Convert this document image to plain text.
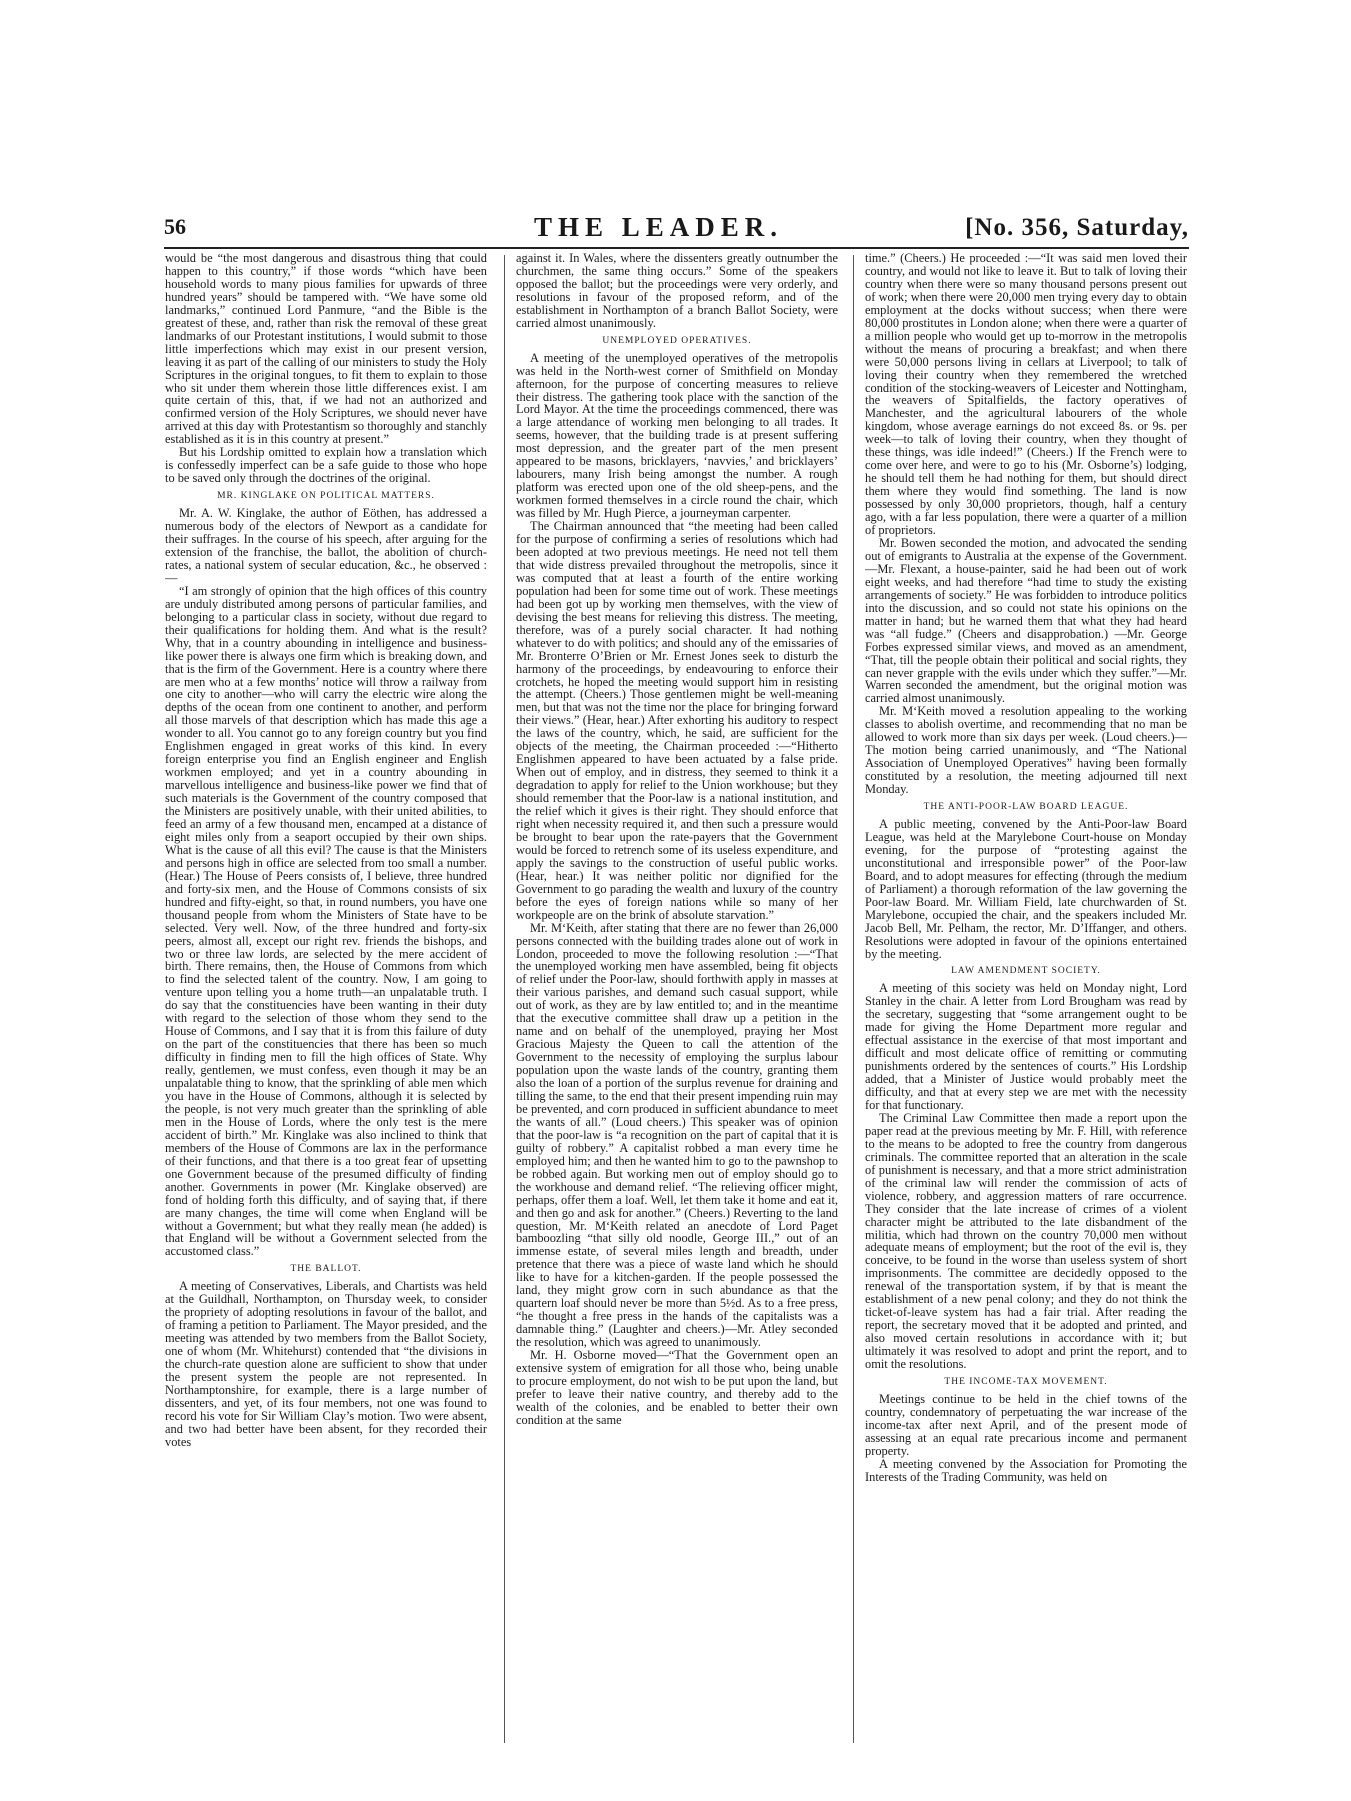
56	THE LEADER.	[No. 356, Saturday,

would be “the most dangerous and disastrous thing that could happen to this country,” if those words “which have been household words to many pious families for upwards of three hundred years” should be tampered with. “We have some old landmarks,” continued Lord Panmure, “and the Bible is the greatest of these, and, rather than risk the removal of these great landmarks of our Protestant institutions, I would submit to those little imperfections which may exist in our present version, leaving it as part of the calling of our ministers to study the Holy Scriptures in the original tongues, to fit them to explain to those who sit under them wherein those little differences exist. I am quite certain of this, that, if we had not an authorized and confirmed version of the Holy Scriptures, we should never have arrived at this day with Protestantism so thoroughly and stanchly established as it is in this country at present.”

But his Lordship omitted to explain how a translation which is confessedly imperfect can be a safe guide to those who hope to be saved only through the doctrines of the original.

MR. KINGLAKE ON POLITICAL MATTERS.

Mr. A. W. Kinglake, the author of Eöthen, has addressed a numerous body of the electors of Newport as a candidate for their suffrages. In the course of his speech, after arguing for the extension of the franchise, the ballot, the abolition of church-rates, a national system of secular education, &c., he observed :—

“I am strongly of opinion that the high offices of this country are unduly distributed among persons of particular families, and belonging to a particular class in society, without due regard to their qualifications for holding them. And what is the result? Why, that in a country abounding in intelligence and business-like power there is always one firm which is breaking down, and that is the firm of the Government. Here is a country where there are men who at a few months’ notice will throw a railway from one city to another—who will carry the electric wire along the depths of the ocean from one continent to another, and perform all those marvels of that description which has made this age a wonder to all. You cannot go to any foreign country but you find Englishmen engaged in great works of this kind. In every foreign enterprise you find an English engineer and English workmen employed; and yet in a country abounding in marvellous intelligence and business-like power we find that of such materials is the Government of the country composed that the Ministers are positively unable, with their united abilities, to feed an army of a few thousand men, encamped at a distance of eight miles only from a seaport occupied by their own ships. What is the cause of all this evil? The cause is that the Ministers and persons high in office are selected from too small a number. (Hear.) The House of Peers consists of, I believe, three hundred and forty-six men, and the House of Commons consists of six hundred and fifty-eight, so that, in round numbers, you have one thousand people from whom the Ministers of State have to be selected. Very well. Now, of the three hundred and forty-six peers, almost all, except our right rev. friends the bishops, and two or three law lords, are selected by the mere accident of birth. There remains, then, the House of Commons from which to find the selected talent of the country. Now, I am going to venture upon telling you a home truth—an unpalatable truth. I do say that the constituencies have been wanting in their duty with regard to the selection of those whom they send to the House of Commons, and I say that it is from this failure of duty on the part of the constituencies that there has been so much difficulty in finding men to fill the high offices of State. Why really, gentlemen, we must confess, even though it may be an unpalatable thing to know, that the sprinkling of able men which you have in the House of Commons, although it is selected by the people, is not very much greater than the sprinkling of able men in the House of Lords, where the only test is the mere accident of birth.” Mr. Kinglake was also inclined to think that members of the House of Commons are lax in the performance of their functions, and that there is a too great fear of upsetting one Government because of the presumed difficulty of finding another. Governments in power (Mr. Kinglake observed) are fond of holding forth this difficulty, and of saying that, if there are many changes, the time will come when England will be without a Government; but what they really mean (he added) is that England will be without a Government selected from the accustomed class.”

THE BALLOT.

A meeting of Conservatives, Liberals, and Chartists was held at the Guildhall, Northampton, on Thursday week, to consider the propriety of adopting resolutions in favour of the ballot, and of framing a petition to Parliament. The Mayor presided, and the meeting was attended by two members from the Ballot Society, one of whom (Mr. Whitehurst) contended that “the divisions in the church-rate question alone are sufficient to show that under the present system the people are not represented. In Northamptonshire, for example, there is a large number of dissenters, and yet, of its four members, not one was found to record his vote for Sir William Clay’s motion. Two were absent, and two had better have been absent, for they recorded their votes

against it. In Wales, where the dissenters greatly outnumber the churchmen, the same thing occurs.” Some of the speakers opposed the ballot; but the proceedings were very orderly, and resolutions in favour of the proposed reform, and of the establishment in Northampton of a branch Ballot Society, were carried almost unanimously.

UNEMPLOYED OPERATIVES.

A meeting of the unemployed operatives of the metropolis was held in the North-west corner of Smithfield on Monday afternoon, for the purpose of concerting measures to relieve their distress. The gathering took place with the sanction of the Lord Mayor. At the time the proceedings commenced, there was a large attendance of working men belonging to all trades. It seems, however, that the building trade is at present suffering most depression, and the greater part of the men present appeared to be masons, bricklayers, ‘navvies,’ and bricklayers’ labourers, many Irish being amongst the number. A rough platform was erected upon one of the old sheep-pens, and the workmen formed themselves in a circle round the chair, which was filled by Mr. Hugh Pierce, a journeyman carpenter.

The Chairman announced that “the meeting had been called for the purpose of confirming a series of resolutions which had been adopted at two previous meetings. He need not tell them that wide distress prevailed throughout the metropolis, since it was computed that at least a fourth of the entire working population had been for some time out of work. These meetings had been got up by working men themselves, with the view of devising the best means for relieving this distress. The meeting, therefore, was of a purely social character. It had nothing whatever to do with politics; and should any of the emissaries of Mr. Bronterre O’Brien or Mr. Ernest Jones seek to disturb the harmony of the proceedings, by endeavouring to enforce their crotchets, he hoped the meeting would support him in resisting the attempt. (Cheers.) Those gentlemen might be well-meaning men, but that was not the time nor the place for bringing forward their views.” (Hear, hear.) After exhorting his auditory to respect the laws of the country, which, he said, are sufficient for the objects of the meeting, the Chairman proceeded :—“Hitherto Englishmen appeared to have been actuated by a false pride. When out of employ, and in distress, they seemed to think it a degradation to apply for relief to the Union workhouse; but they should remember that the Poor-law is a national institution, and the relief which it gives is their right. They should enforce that right when necessity required it, and then such a pressure would be brought to bear upon the rate-payers that the Government would be forced to retrench some of its useless expenditure, and apply the savings to the construction of useful public works. (Hear, hear.) It was neither politic nor dignified for the Government to go parading the wealth and luxury of the country before the eyes of foreign nations while so many of her workpeople are on the brink of absolute starvation.”

Mr. M‘Keith, after stating that there are no fewer than 26,000 persons connected with the building trades alone out of work in London, proceeded to move the following resolution :—“That the unemployed working men have assembled, being fit objects of relief under the Poor-law, should forthwith apply in masses at their various parishes, and demand such casual support, while out of work, as they are by law entitled to; and in the meantime that the executive committee shall draw up a petition in the name and on behalf of the unemployed, praying her Most Gracious Majesty the Queen to call the attention of the Government to the necessity of employing the surplus labour population upon the waste lands of the country, granting them also the loan of a portion of the surplus revenue for draining and tilling the same, to the end that their present impending ruin may be prevented, and corn produced in sufficient abundance to meet the wants of all.” (Loud cheers.) This speaker was of opinion that the poor-law is “a recognition on the part of capital that it is guilty of robbery.” A capitalist robbed a man every time he employed him; and then he wanted him to go to the pawnshop to be robbed again. But working men out of employ should go to the workhouse and demand relief. “The relieving officer might, perhaps, offer them a loaf. Well, let them take it home and eat it, and then go and ask for another.” (Cheers.) Reverting to the land question, Mr. M‘Keith related an anecdote of Lord Paget bamboozling “that silly old noodle, George III.,” out of an immense estate, of several miles length and breadth, under pretence that there was a piece of waste land which he should like to have for a kitchen-garden. If the people possessed the land, they might grow corn in such abundance as that the quartern loaf should never be more than 5½d. As to a free press, “he thought a free press in the hands of the capitalists was a damnable thing.” (Laughter and cheers.)—Mr. Atley seconded the resolution, which was agreed to unanimously.

Mr. H. Osborne moved—“That the Government open an extensive system of emigration for all those who, being unable to procure employment, do not wish to be put upon the land, but prefer to leave their native country, and thereby add to the wealth of the colonies, and be enabled to better their own condition at the same

time.” (Cheers.) He proceeded :—“It was said men loved their country, and would not like to leave it. But to talk of loving their country when there were so many thousand persons present out of work; when there were 20,000 men trying every day to obtain employment at the docks without success; when there were 80,000 prostitutes in London alone; when there were a quarter of a million people who would get up to-morrow in the metropolis without the means of procuring a breakfast; and when there were 50,000 persons living in cellars at Liverpool; to talk of loving their country when they remembered the wretched condition of the stocking-weavers of Leicester and Nottingham, the weavers of Spitalfields, the factory operatives of Manchester, and the agricultural labourers of the whole kingdom, whose average earnings do not exceed 8s. or 9s. per week—to talk of loving their country, when they thought of these things, was idle indeed!” (Cheers.) If the French were to come over here, and were to go to his (Mr. Osborne’s) lodging, he should tell them he had nothing for them, but should direct them where they would find something. The land is now possessed by only 30,000 proprietors, though, half a century ago, with a far less population, there were a quarter of a million of proprietors.

Mr. Bowen seconded the motion, and advocated the sending out of emigrants to Australia at the expense of the Government.—Mr. Flexant, a house-painter, said he had been out of work eight weeks, and had therefore “had time to study the existing arrangements of society.” He was forbidden to introduce politics into the discussion, and so could not state his opinions on the matter in hand; but he warned them that what they had heard was “all fudge.” (Cheers and disapprobation.) —Mr. George Forbes expressed similar views, and moved as an amendment, “That, till the people obtain their political and social rights, they can never grapple with the evils under which they suffer.”—Mr. Warren seconded the amendment, but the original motion was carried almost unanimously.

Mr. M‘Keith moved a resolution appealing to the working classes to abolish overtime, and recommending that no man be allowed to work more than six days per week. (Loud cheers.)—The motion being carried unanimously, and “The National Association of Unemployed Operatives” having been formally constituted by a resolution, the meeting adjourned till next Monday.

THE ANTI-POOR-LAW BOARD LEAGUE.

A public meeting, convened by the Anti-Poor-law Board League, was held at the Marylebone Court-house on Monday evening, for the purpose of “protesting against the unconstitutional and irresponsible power” of the Poor-law Board, and to adopt measures for effecting (through the medium of Parliament) a thorough reformation of the law governing the Poor-law Board. Mr. William Field, late churchwarden of St. Marylebone, occupied the chair, and the speakers included Mr. Jacob Bell, Mr. Pelham, the rector, Mr. D’Iffanger, and others. Resolutions were adopted in favour of the opinions entertained by the meeting.

LAW AMENDMENT SOCIETY.

A meeting of this society was held on Monday night, Lord Stanley in the chair. A letter from Lord Brougham was read by the secretary, suggesting that “some arrangement ought to be made for giving the Home Department more regular and effectual assistance in the exercise of that most important and difficult and most delicate office of remitting or commuting punishments ordered by the sentences of courts.” His Lordship added, that a Minister of Justice would probably meet the difficulty, and that at every step we are met with the necessity for that functionary.

The Criminal Law Committee then made a report upon the paper read at the previous meeting by Mr. F. Hill, with reference to the means to be adopted to free the country from dangerous criminals. The committee reported that an alteration in the scale of punishment is necessary, and that a more strict administration of the criminal law will render the commission of acts of violence, robbery, and aggression matters of rare occurrence. They consider that the late increase of crimes of a violent character might be attributed to the late disbandment of the militia, which had thrown on the country 70,000 men without adequate means of employment; but the root of the evil is, they conceive, to be found in the worse than useless system of short imprisonments. The committee are decidedly opposed to the renewal of the transportation system, if by that is meant the establishment of a new penal colony; and they do not think the ticket-of-leave system has had a fair trial. After reading the report, the secretary moved that it be adopted and printed, and also moved certain resolutions in accordance with it; but ultimately it was resolved to adopt and print the report, and to omit the resolutions.

THE INCOME-TAX MOVEMENT.

Meetings continue to be held in the chief towns of the country, condemnatory of perpetuating the war increase of the income-tax after next April, and of the present mode of assessing at an equal rate precarious income and permanent property.

A meeting convened by the Association for Promoting the Interests of the Trading Community, was held on
